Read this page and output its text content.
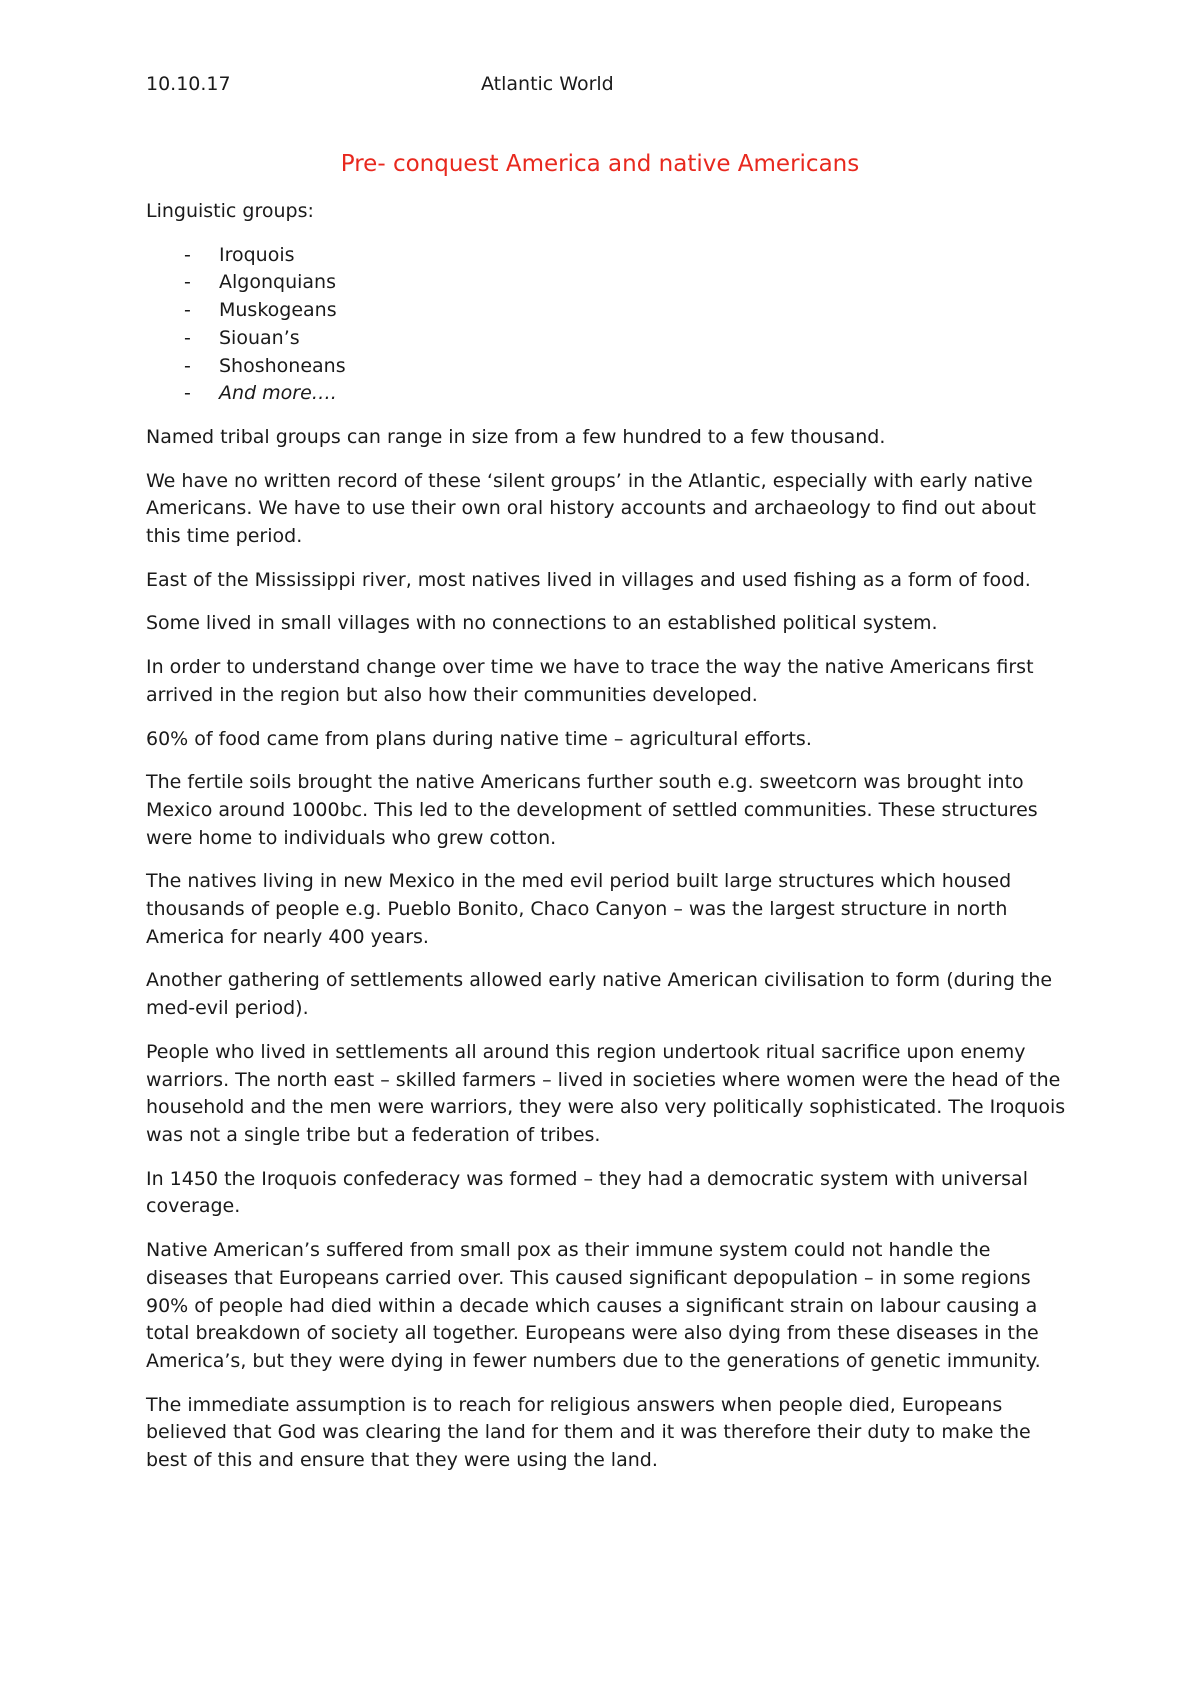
10.10.17	Atlantic World
Pre- conquest America and native Americans

Linguistic groups:

- Iroquois
- Algonquians
- Muskogeans
- Siouan’s
- Shoshoneans
- And more….

Named tribal groups can range in size from a few hundred to a few thousand.

We have no written record of these ‘silent groups’ in the Atlantic, especially with early native Americans. We have to use their own oral history accounts and archaeology to find out about this time period.

East of the Mississippi river, most natives lived in villages and used fishing as a form of food.

Some lived in small villages with no connections to an established political system.

In order to understand change over time we have to trace the way the native Americans first arrived in the region but also how their communities developed.

60% of food came from plans during native time – agricultural efforts.

The fertile soils brought the native Americans further south e.g. sweetcorn was brought into Mexico around 1000bc. This led to the development of settled communities. These structures were home to individuals who grew cotton.

The natives living in new Mexico in the med evil period built large structures which housed thousands of people e.g. Pueblo Bonito, Chaco Canyon – was the largest structure in north America for nearly 400 years.

Another gathering of settlements allowed early native American civilisation to form (during the med-evil period).

People who lived in settlements all around this region undertook ritual sacrifice upon enemy warriors. The north east – skilled farmers – lived in societies where women were the head of the household and the men were warriors, they were also very politically sophisticated. The Iroquois was not a single tribe but a federation of tribes.

In 1450 the Iroquois confederacy was formed – they had a democratic system with universal coverage.

Native American’s suffered from small pox as their immune system could not handle the diseases that Europeans carried over. This caused significant depopulation – in some regions 90% of people had died within a decade which causes a significant strain on labour causing a total breakdown of society all together. Europeans were also dying from these diseases in the America’s, but they were dying in fewer numbers due to the generations of genetic immunity.

The immediate assumption is to reach for religious answers when people died, Europeans believed that God was clearing the land for them and it was therefore their duty to make the best of this and ensure that they were using the land.
